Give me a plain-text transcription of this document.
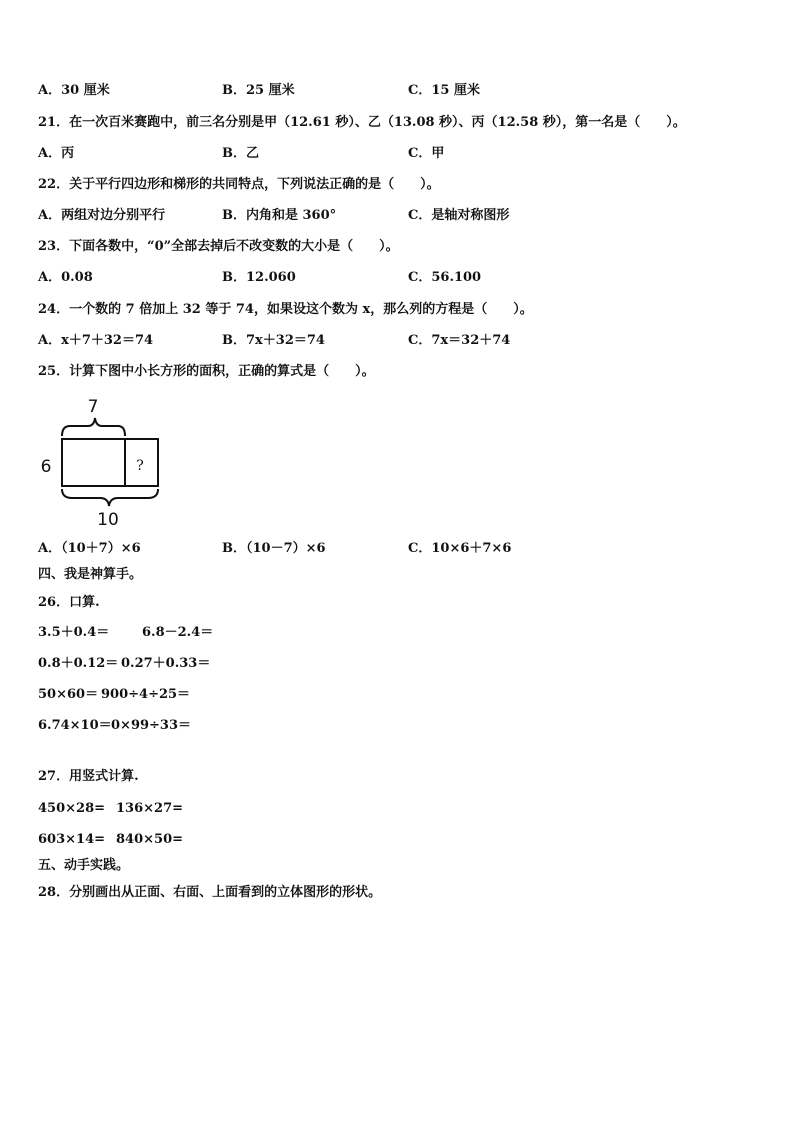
A．30 厘米	B．25 厘米	C．15 厘米
21．在一次百米赛跑中，前三名分别是甲（12.61 秒）、乙（13.08 秒）、丙（12.58 秒），第一名是（　　）。
A．丙	B．乙	C．甲
22．关于平行四边形和梯形的共同特点，下列说法正确的是（　　）。
A．两组对边分别平行	B．内角和是 360°	C．是轴对称图形
23．下面各数中，“0”全部去掉后不改变数的大小是（　　）。
A．0.08	B．12.060	C．56.100
24．一个数的 7 倍加上 32 等于 74，如果设这个数为 x，那么列的方程是（　　）。
A．x＋7＋32＝74	B．7x＋32＝74	C．7x＝32＋74
25．计算下图中小长方形的面积，正确的算式是（　　）。
7
6	?
10
A．（10＋7）×6	B．（10－7）×6	C．10×6＋7×6
四、我是神算手。
26．口算.
3.5＋0.4＝	6.8－2.4＝
0.8＋0.12＝ 0.27＋0.33＝
50×60＝ 900÷4÷25＝
6.74×10＝ 0×99÷33＝
27．用竖式计算.
450×28= 136×27=
603×14= 840×50=
五、动手实践。
28．分别画出从正面、右面、上面看到的立体图形的形状。
